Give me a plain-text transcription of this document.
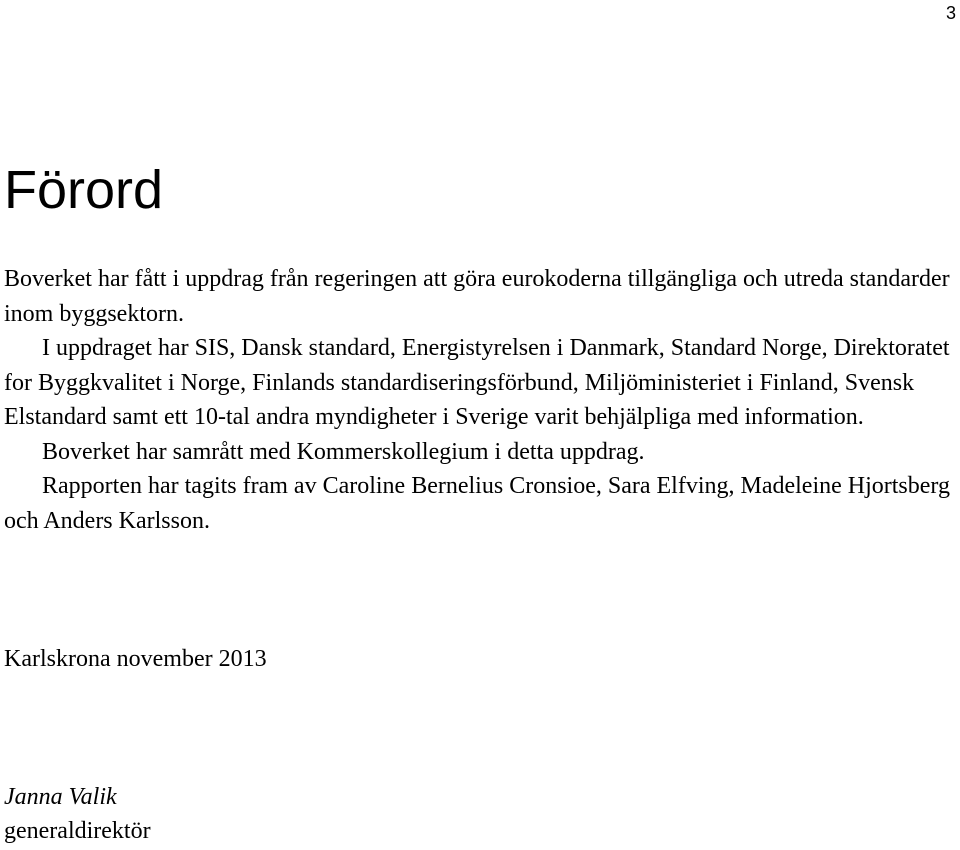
3
Förord

Boverket har fått i uppdrag från regeringen att göra eurokoderna tillgängliga och utreda standarder inom byggsektorn.

I uppdraget har SIS, Dansk standard, Energistyrelsen i Danmark, Standard Norge, Direktoratet for Byggkvalitet i Norge, Finlands standardiseringsförbund, Miljöministeriet i Finland, Svensk Elstandard samt ett 10-tal andra myndigheter i Sverige varit behjälpliga med information.

Boverket har samrått med Kommerskollegium i detta uppdrag.

Rapporten har tagits fram av Caroline Bernelius Cronsioe, Sara Elfving, Madeleine Hjortsberg och Anders Karlsson.

Karlskrona november 2013
Janna Valik
generaldirektör
